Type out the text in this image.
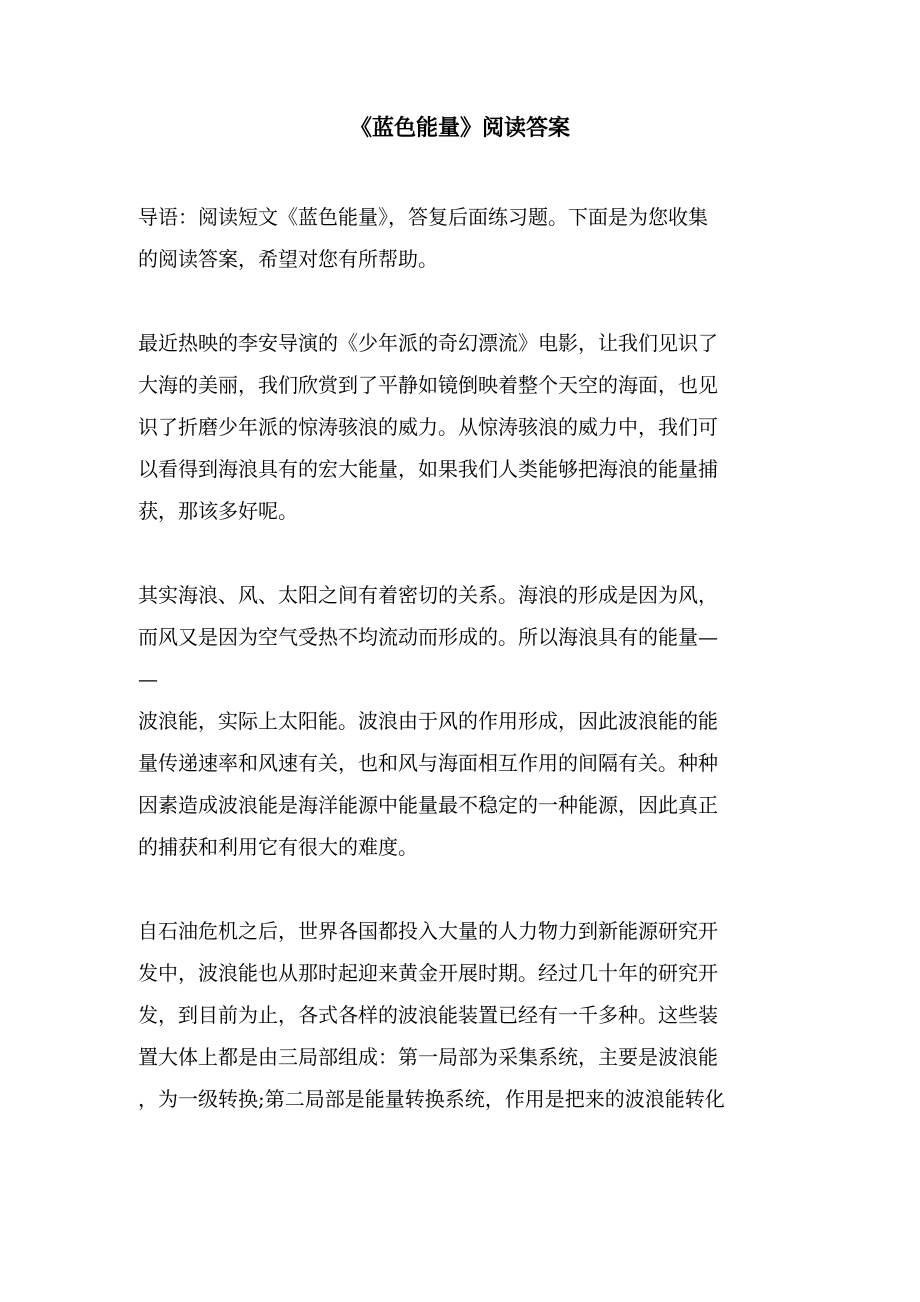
《蓝色能量》阅读答案
导语：阅读短文《蓝色能量》，答复后面练习题。下面是为您收集
的阅读答案，希望对您有所帮助。
最近热映的李安导演的《少年派的奇幻漂流》电影，让我们见识了
大海的美丽，我们欣赏到了平静如镜倒映着整个天空的海面，也见
识了折磨少年派的惊涛骇浪的威力。从惊涛骇浪的威力中，我们可
以看得到海浪具有的宏大能量，如果我们人类能够把海浪的能量捕
获，那该多好呢。
其实海浪、风、太阳之间有着密切的关系。海浪的形成是因为风，
而风又是因为空气受热不均流动而形成的。所以海浪具有的能量—
—
波浪能，实际上太阳能。波浪由于风的作用形成，因此波浪能的能
量传递速率和风速有关，也和风与海面相互作用的间隔有关。种种
因素造成波浪能是海洋能源中能量最不稳定的一种能源，因此真正
的捕获和利用它有很大的难度。
自石油危机之后，世界各国都投入大量的人力物力到新能源研究开
发中，波浪能也从那时起迎来黄金开展时期。经过几十年的研究开
发，到目前为止，各式各样的波浪能装置已经有一千多种。这些装
置大体上都是由三局部组成：第一局部为采集系统，主要是波浪能
，为一级转换;第二局部是能量转换系统，作用是把来的波浪能转化
